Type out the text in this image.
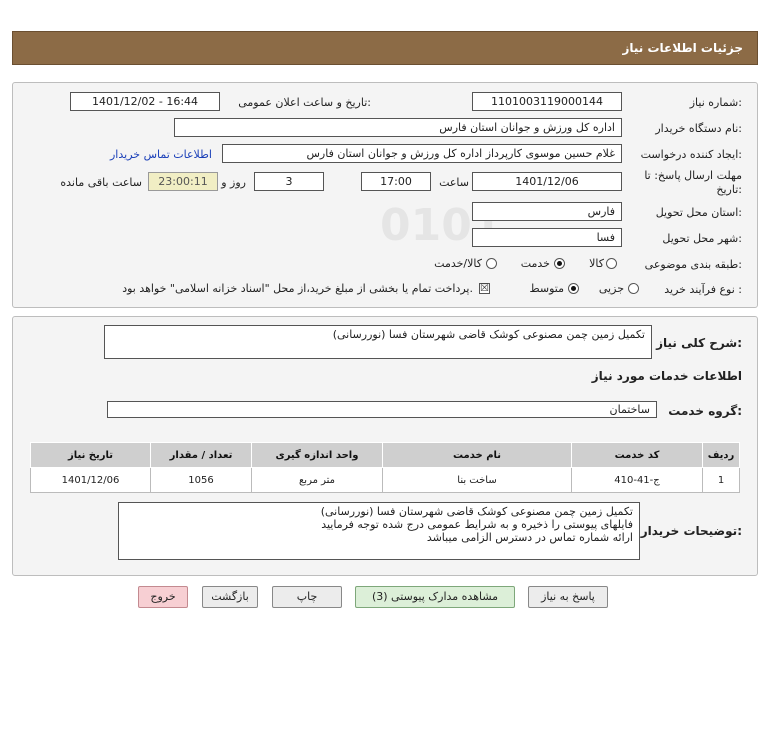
جزئیات اطلاعات نیاز
شماره نیاز:
1101003119000144
تاریخ و ساعت اعلان عمومی:
1401/12/02 - 16:44
نام دستگاه خریدار:
اداره کل ورزش و جوانان استان فارس
ایجاد کننده درخواست:
غلام حسین موسوی کارپرداز اداره کل ورزش و جوانان استان فارس
اطلاعات تماس خریدار
مهلت ارسال پاسخ: تا
تاریخ:
1401/12/06
ساعت
17:00
3
روز و
23:00:11
ساعت باقی مانده
استان محل تحویل:
فارس
شهر محل تحویل:
فسا
طبقه بندی موضوعی:
کالا
خدمت
کالا/خدمت
نوع فرآیند خرید :
جزیی
متوسط
☒
پرداخت تمام یا بخشی از مبلغ خرید،از محل "اسناد خزانه اسلامی" خواهد بود.
شرح کلی نیاز:
تکمیل زمین چمن مصنوعی کوشک قاضی شهرستان فسا (نوررسانی)
اطلاعات خدمات مورد نیاز
گروه خدمت:
ساختمان
ردیف	کد خدمت	نام خدمت	واحد اندازه گیری	تعداد / مقدار	تاریخ نیاز
1	ج-41-410	ساخت بنا	متر مربع	1056	1401/12/06
توضیحات خریدار:
تکمیل زمین چمن مصنوعی کوشک قاضی شهرستان فسا (نوررسانی)
فایلهای پیوستی را ذخیره و به شرایط عمومی درج شده توجه فرمایید
ارائه شماره تماس در دسترس الزامی میباشد
پاسخ به نیاز
مشاهده مدارک پیوستی (3)
چاپ
بازگشت
خروج
